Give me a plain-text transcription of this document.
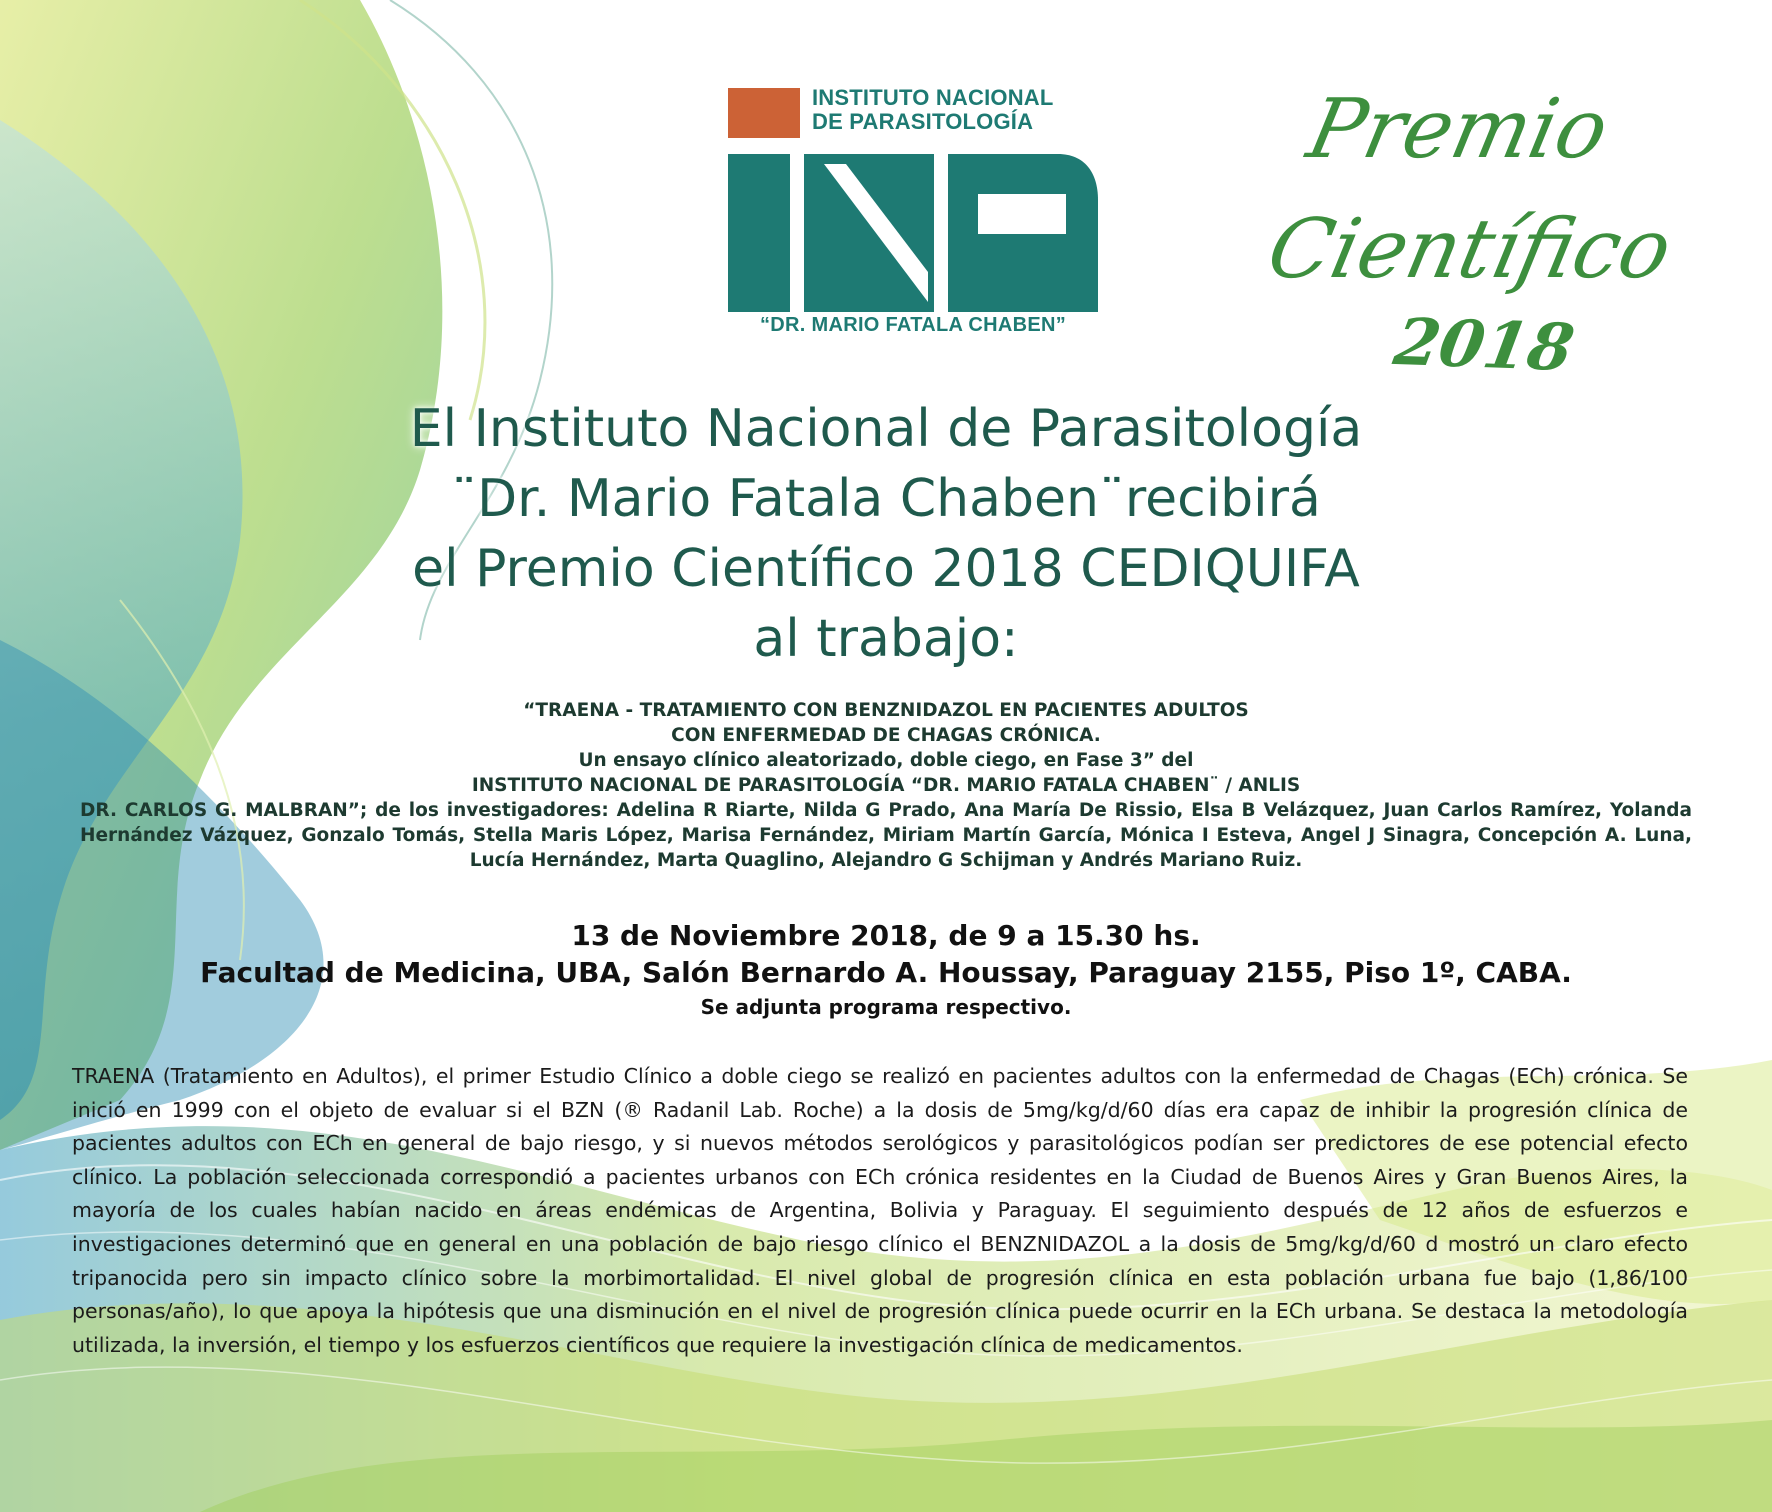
INSTITUTO NACIONAL
DE PARASITOLOGÍA
“DR. MARIO FATALA CHABEN”
Premio
Científico
2018
El Instituto Nacional de Parasitología
¨Dr. Mario Fatala Chaben¨recibirá
el Premio Científico 2018 CEDIQUIFA
al trabajo:
“TRAENA - TRATAMIENTO CON BENZNIDAZOL EN PACIENTES ADULTOS
CON ENFERMEDAD DE CHAGAS CRÓNICA.
Un ensayo clínico aleatorizado, doble ciego, en Fase 3” del
INSTITUTO NACIONAL DE PARASITOLOGÍA “DR. MARIO FATALA CHABEN¨ / ANLIS
DR. CARLOS G. MALBRAN”; de los investigadores: Adelina R Riarte, Nilda G Prado, Ana María De Rissio, Elsa B Velázquez, Juan Carlos Ramírez, Yolanda Hernández Vázquez, Gonzalo Tomás, Stella Maris López, Marisa Fernández, Miriam Martín García, Mónica I Esteva, Angel J Sinagra, Concepción A. Luna, Lucía Hernández, Marta Quaglino, Alejandro G Schijman y Andrés Mariano Ruiz.
13 de Noviembre 2018, de 9 a 15.30 hs.
Facultad de Medicina, UBA, Salón Bernardo A. Houssay, Paraguay 2155, Piso 1º, CABA.
Se adjunta programa respectivo.
TRAENA (Tratamiento en Adultos), el primer Estudio Clínico a doble ciego se realizó en pacientes adultos con la enfermedad de Chagas (ECh) crónica. Se inició en 1999 con el objeto de evaluar si el BZN (® Radanil Lab. Roche) a la dosis de 5mg/kg/d/60 días era capaz de inhibir la progresión clínica de pacientes adultos con ECh en general de bajo riesgo, y si nuevos métodos serológicos y parasitológicos podían ser predictores de ese potencial efecto clínico. La población seleccionada correspondió a pacientes urbanos con ECh crónica residentes en la Ciudad de Buenos Aires y Gran Buenos Aires, la mayoría de los cuales habían nacido en áreas endémicas de Argentina, Bolivia y Paraguay. El seguimiento después de 12 años de esfuerzos e investigaciones determinó que en general en una población de bajo riesgo clínico el BENZNIDAZOL a la dosis de 5mg/kg/d/60 d mostró un claro efecto tripanocida pero sin impacto clínico sobre la morbimortalidad. El nivel global de progresión clínica en esta población urbana fue bajo (1,86/100 personas/año), lo que apoya la hipótesis que una disminución en el nivel de progresión clínica puede ocurrir en la ECh urbana. Se destaca la metodología utilizada, la inversión, el tiempo y los esfuerzos científicos que requiere la investigación clínica de medicamentos.
